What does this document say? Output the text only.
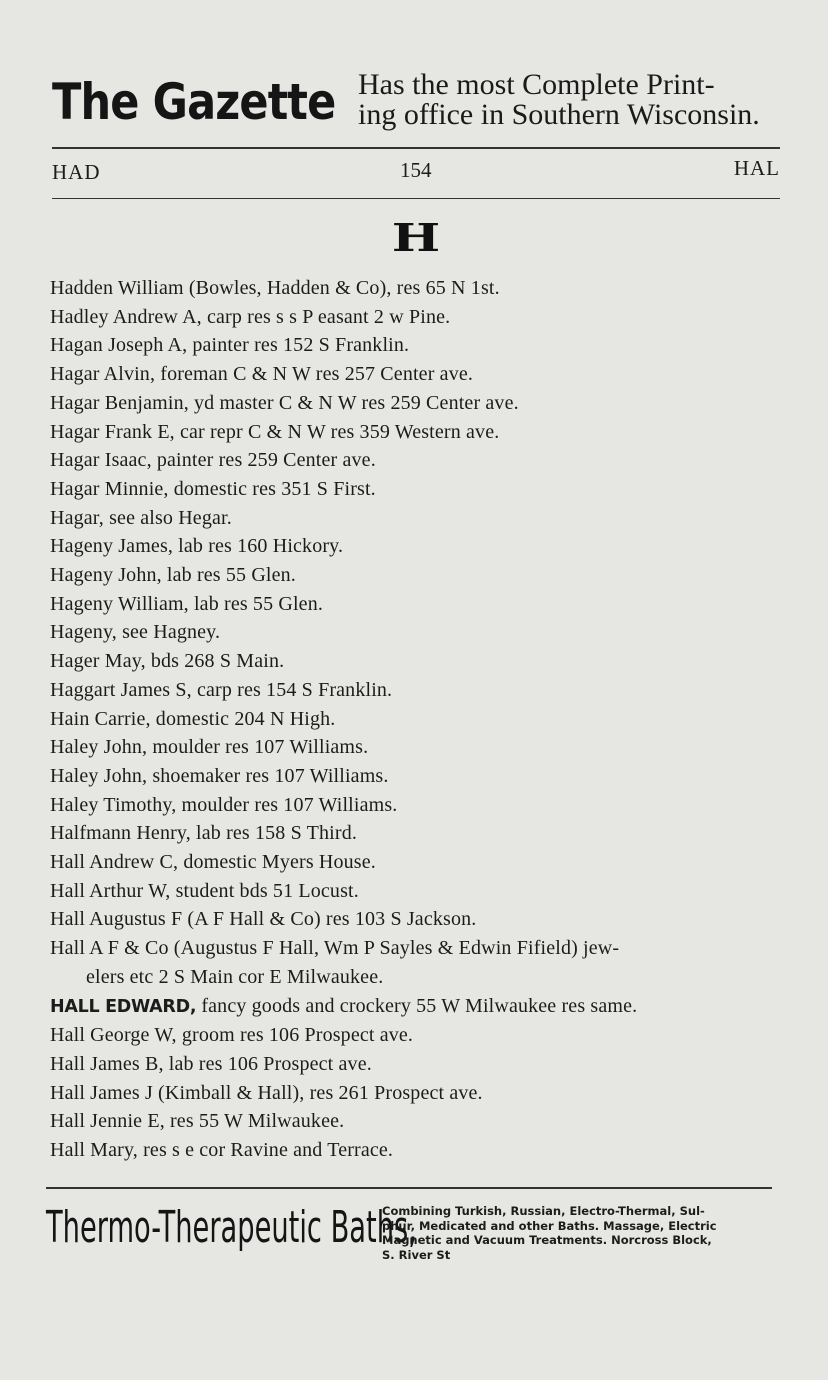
The Gazette Has the most Complete Print-
ing office in Southern Wisconsin.
HAD	154	HAL
H
Hadden William (Bowles, Hadden & Co), res 65 N 1st.
Hadley Andrew A, carp res s s P easant 2 w Pine.
Hagan Joseph A, painter res 152 S Franklin.
Hagar Alvin, foreman C & N W res 257 Center ave.
Hagar Benjamin, yd master C & N W res 259 Center ave.
Hagar Frank E, car repr C & N W res 359 Western ave.
Hagar Isaac, painter res 259 Center ave.
Hagar Minnie, domestic res 351 S First.
Hagar, see also Hegar.
Hageny James, lab res 160 Hickory.
Hageny John, lab res 55 Glen.
Hageny William, lab res 55 Glen.
Hageny, see Hagney.
Hager May, bds 268 S Main.
Haggart James S, carp res 154 S Franklin.
Hain Carrie, domestic 204 N High.
Haley John, moulder res 107 Williams.
Haley John, shoemaker res 107 Williams.
Haley Timothy, moulder res 107 Williams.
Halfmann Henry, lab res 158 S Third.
Hall Andrew C, domestic Myers House.
Hall Arthur W, student bds 51 Locust.
Hall Augustus F (A F Hall & Co) res 103 S Jackson.
Hall A F & Co (Augustus F Hall, Wm P Sayles & Edwin Fifield) jew-
elers etc 2 S Main cor E Milwaukee.
HALL EDWARD, fancy goods and crockery 55 W Milwaukee res same.
Hall George W, groom res 106 Prospect ave.
Hall James B, lab res 106 Prospect ave.
Hall James J (Kimball & Hall), res 261 Prospect ave.
Hall Jennie E, res 55 W Milwaukee.
Hall Mary, res s e cor Ravine and Terrace.
Thermo-Therapeutic Baths,
Combining Turkish, Russian, Electro-Thermal, Sul-
phur, Medicated and other Baths. Massage, Electric
Magnetic and Vacuum Treatments. Norcross Block,
S. River St
